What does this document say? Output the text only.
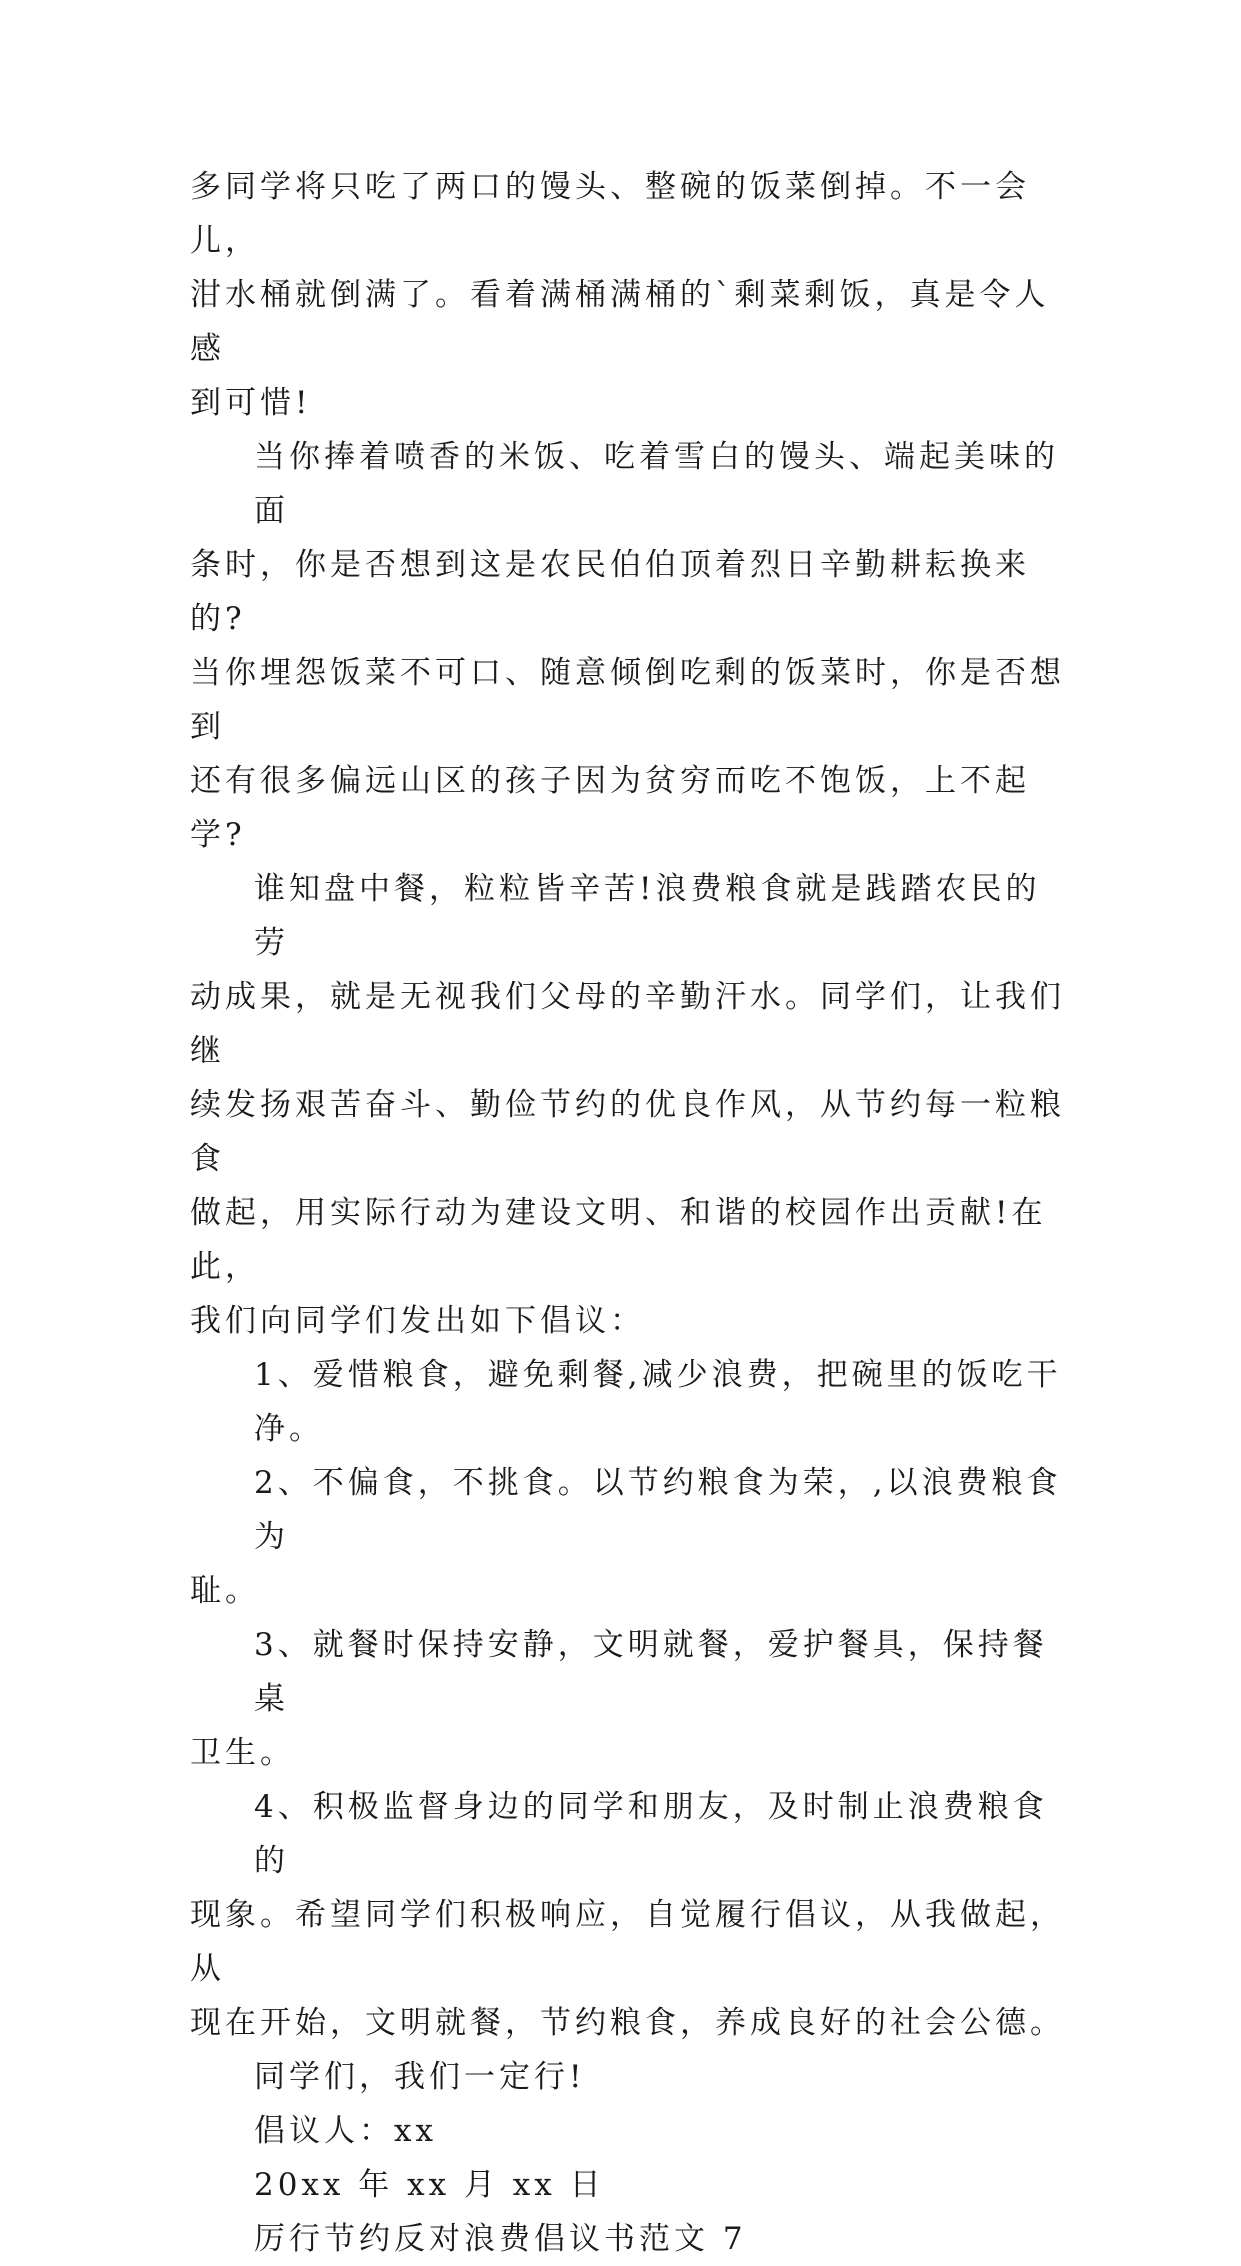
多同学将只吃了两口的馒头、整碗的饭菜倒掉。不一会儿，
泔水桶就倒满了。看着满桶满桶的`剩菜剩饭，真是令人感
到可惜!

当你捧着喷香的米饭、吃着雪白的馒头、端起美味的面
条时，你是否想到这是农民伯伯顶着烈日辛勤耕耘换来的?
当你埋怨饭菜不可口、随意倾倒吃剩的饭菜时，你是否想到
还有很多偏远山区的孩子因为贫穷而吃不饱饭，上不起学?

谁知盘中餐，粒粒皆辛苦!浪费粮食就是践踏农民的劳
动成果，就是无视我们父母的辛勤汗水。同学们，让我们继
续发扬艰苦奋斗、勤俭节约的优良作风，从节约每一粒粮食
做起，用实际行动为建设文明、和谐的校园作出贡献!在此，
我们向同学们发出如下倡议：

1、爱惜粮食，避免剩餐,减少浪费，把碗里的饭吃干净。

2、不偏食，不挑食。以节约粮食为荣，,以浪费粮食为
耻。

3、就餐时保持安静，文明就餐，爱护餐具，保持餐桌
卫生。

4、积极监督身边的同学和朋友，及时制止浪费粮食的
现象。希望同学们积极响应，自觉履行倡议，从我做起，从
现在开始，文明就餐，节约粮食，养成良好的社会公德。

同学们，我们一定行!

倡议人：xx

20xx 年 xx 月 xx 日

厉行节约反对浪费倡议书范文 7
